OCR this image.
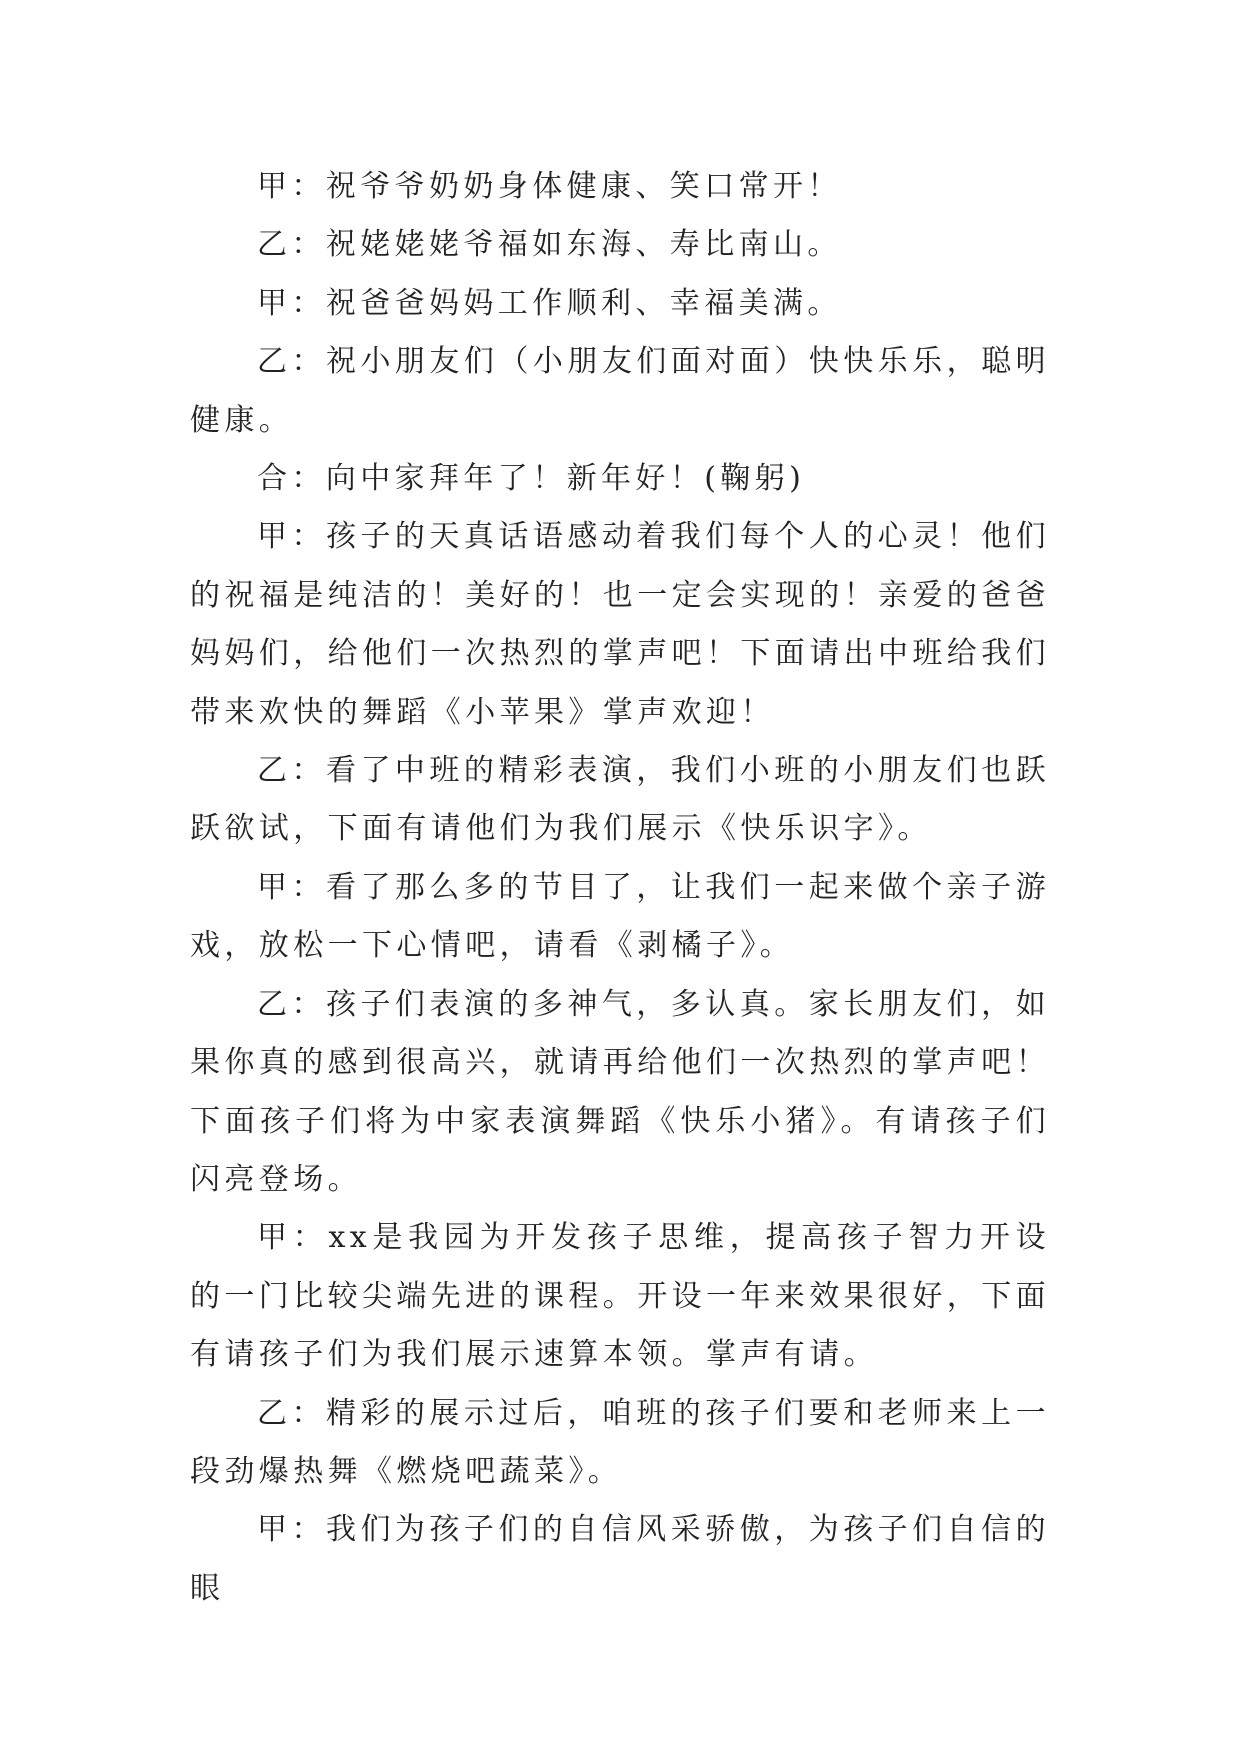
甲：祝爷爷奶奶身体健康、笑口常开！

乙：祝姥姥姥爷福如东海、寿比南山。

甲：祝爸爸妈妈工作顺利、幸福美满。

乙：祝小朋友们（小朋友们面对面）快快乐乐，聪明健康。

合：向中家拜年了！新年好！(鞠躬)

甲：孩子的天真话语感动着我们每个人的心灵！他们的祝福是纯洁的！美好的！也一定会实现的！亲爱的爸爸妈妈们，给他们一次热烈的掌声吧！下面请出中班给我们带来欢快的舞蹈《小苹果》掌声欢迎！

乙：看了中班的精彩表演，我们小班的小朋友们也跃跃欲试，下面有请他们为我们展示《快乐识字》。

甲：看了那么多的节目了，让我们一起来做个亲子游戏，放松一下心情吧，请看《剥橘子》。

乙：孩子们表演的多神气，多认真。家长朋友们，如果你真的感到很高兴，就请再给他们一次热烈的掌声吧！下面孩子们将为中家表演舞蹈《快乐小猪》。有请孩子们闪亮登场。

甲：xx是我园为开发孩子思维，提高孩子智力开设的一门比较尖端先进的课程。开设一年来效果很好，下面有请孩子们为我们展示速算本领。掌声有请。

乙：精彩的展示过后，咱班的孩子们要和老师来上一段劲爆热舞《燃烧吧蔬菜》。

甲：我们为孩子们的自信风采骄傲，为孩子们自信的眼
